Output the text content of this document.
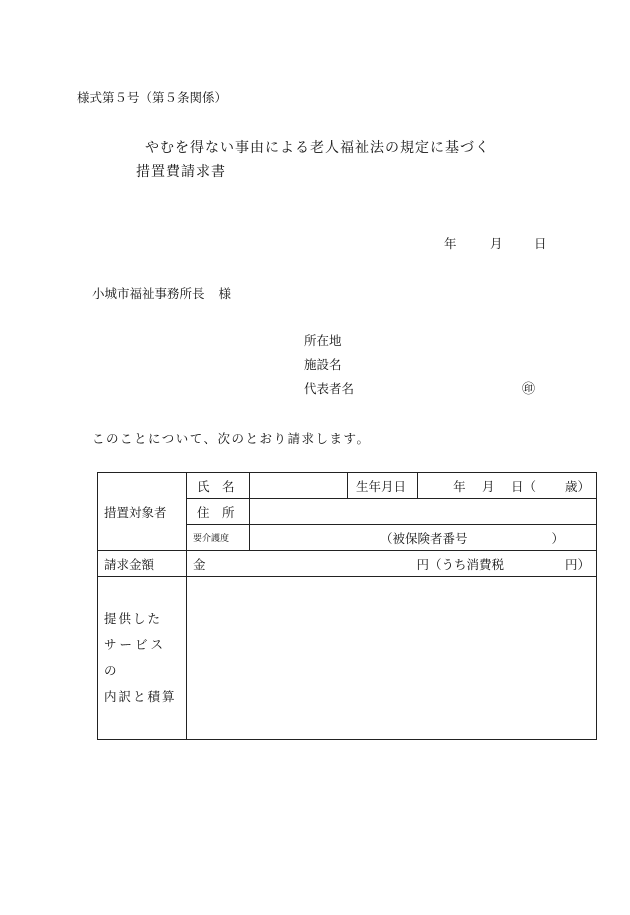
様式第５号（第５条関係）
やむを得ない事由による老人福祉法の規定に基づく
措置費請求書
年	月	日
小城市福祉事務所長 様
所在地
施設名
代表者名	㊞
このことについて、次のとおり請求します。
措置対象者	氏　名		生年月日	年　 月　 日（　　 歳）
	住　所			
	要介護度	（被保険者番号 ）		

請求金額	金 円（うち消費税 円）			

提供した
サービスの
内訳と積算				
